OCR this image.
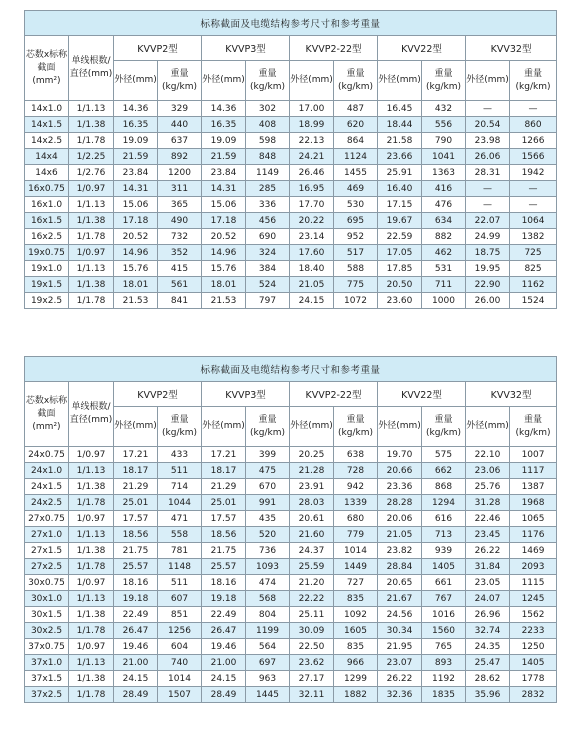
标称截面及电缆结构参考尺寸和参考重量											
芯数x标称截面(mm²)	单线根数/直径(mm)	KVVP2型		KVVP3型		KVVP2-22型		KVV22型		KVV32型	
		外径(mm)	重量(kg/km)	外径(mm)	重量(kg/km)	外径(mm)	重量(kg/km)	外径(mm)	重量(kg/km)	外径(mm)	重量(kg/km)
14x1.0	1/1.13	14.36	329	14.36	302	17.00	487	16.45	432	—	—
14x1.5	1/1.38	16.35	440	16.35	408	18.99	620	18.44	556	20.54	860
14x2.5	1/1.78	19.09	637	19.09	598	22.13	864	21.58	790	23.98	1266
14x4	1/2.25	21.59	892	21.59	848	24.21	1124	23.66	1041	26.06	1566
14x6	1/2.76	23.84	1200	23.84	1149	26.46	1455	25.91	1363	28.31	1942
16x0.75	1/0.97	14.31	311	14.31	285	16.95	469	16.40	416	—	—
16x1.0	1/1.13	15.06	365	15.06	336	17.70	530	17.15	476	—	—
16x1.5	1/1.38	17.18	490	17.18	456	20.22	695	19.67	634	22.07	1064
16x2.5	1/1.78	20.52	732	20.52	690	23.14	952	22.59	882	24.99	1382
19x0.75	1/0.97	14.96	352	14.96	324	17.60	517	17.05	462	18.75	725
19x1.0	1/1.13	15.76	415	15.76	384	18.40	588	17.85	531	19.95	825
19x1.5	1/1.38	18.01	561	18.01	524	21.05	775	20.50	711	22.90	1162
19x2.5	1/1.78	21.53	841	21.53	797	24.15	1072	23.60	1000	26.00	1524
标称截面及电缆结构参考尺寸和参考重量											
芯数x标称截面(mm²)	单线根数/直径(mm)	KVVP2型		KVVP3型		KVVP2-22型		KVV22型		KVV32型	
		外径(mm)	重量(kg/km)	外径(mm)	重量(kg/km)	外径(mm)	重量(kg/km)	外径(mm)	重量(kg/km)	外径(mm)	重量(kg/km)
24x0.75	1/0.97	17.21	433	17.21	399	20.25	638	19.70	575	22.10	1007
24x1.0	1/1.13	18.17	511	18.17	475	21.28	728	20.66	662	23.06	1117
24x1.5	1/1.38	21.29	714	21.29	670	23.91	942	23.36	868	25.76	1387
24x2.5	1/1.78	25.01	1044	25.01	991	28.03	1339	28.28	1294	31.28	1968
27x0.75	1/0.97	17.57	471	17.57	435	20.61	680	20.06	616	22.46	1065
27x1.0	1/1.13	18.56	558	18.56	520	21.60	779	21.05	713	23.45	1176
27x1.5	1/1.38	21.75	781	21.75	736	24.37	1014	23.82	939	26.22	1469
27x2.5	1/1.78	25.57	1148	25.57	1093	25.59	1449	28.84	1405	31.84	2093
30x0.75	1/0.97	18.16	511	18.16	474	21.20	727	20.65	661	23.05	1115
30x1.0	1/1.13	19.18	607	19.18	568	22.22	835	21.67	767	24.07	1245
30x1.5	1/1.38	22.49	851	22.49	804	25.11	1092	24.56	1016	26.96	1562
30x2.5	1/1.78	26.47	1256	26.47	1199	30.09	1605	30.34	1560	32.74	2233
37x0.75	1/0.97	19.46	604	19.46	564	22.50	835	21.95	765	24.35	1250
37x1.0	1/1.13	21.00	740	21.00	697	23.62	966	23.07	893	25.47	1405
37x1.5	1/1.38	24.15	1014	24.15	963	27.17	1299	26.22	1192	28.62	1778
37x2.5	1/1.78	28.49	1507	28.49	1445	32.11	1882	32.36	1835	35.96	2832
